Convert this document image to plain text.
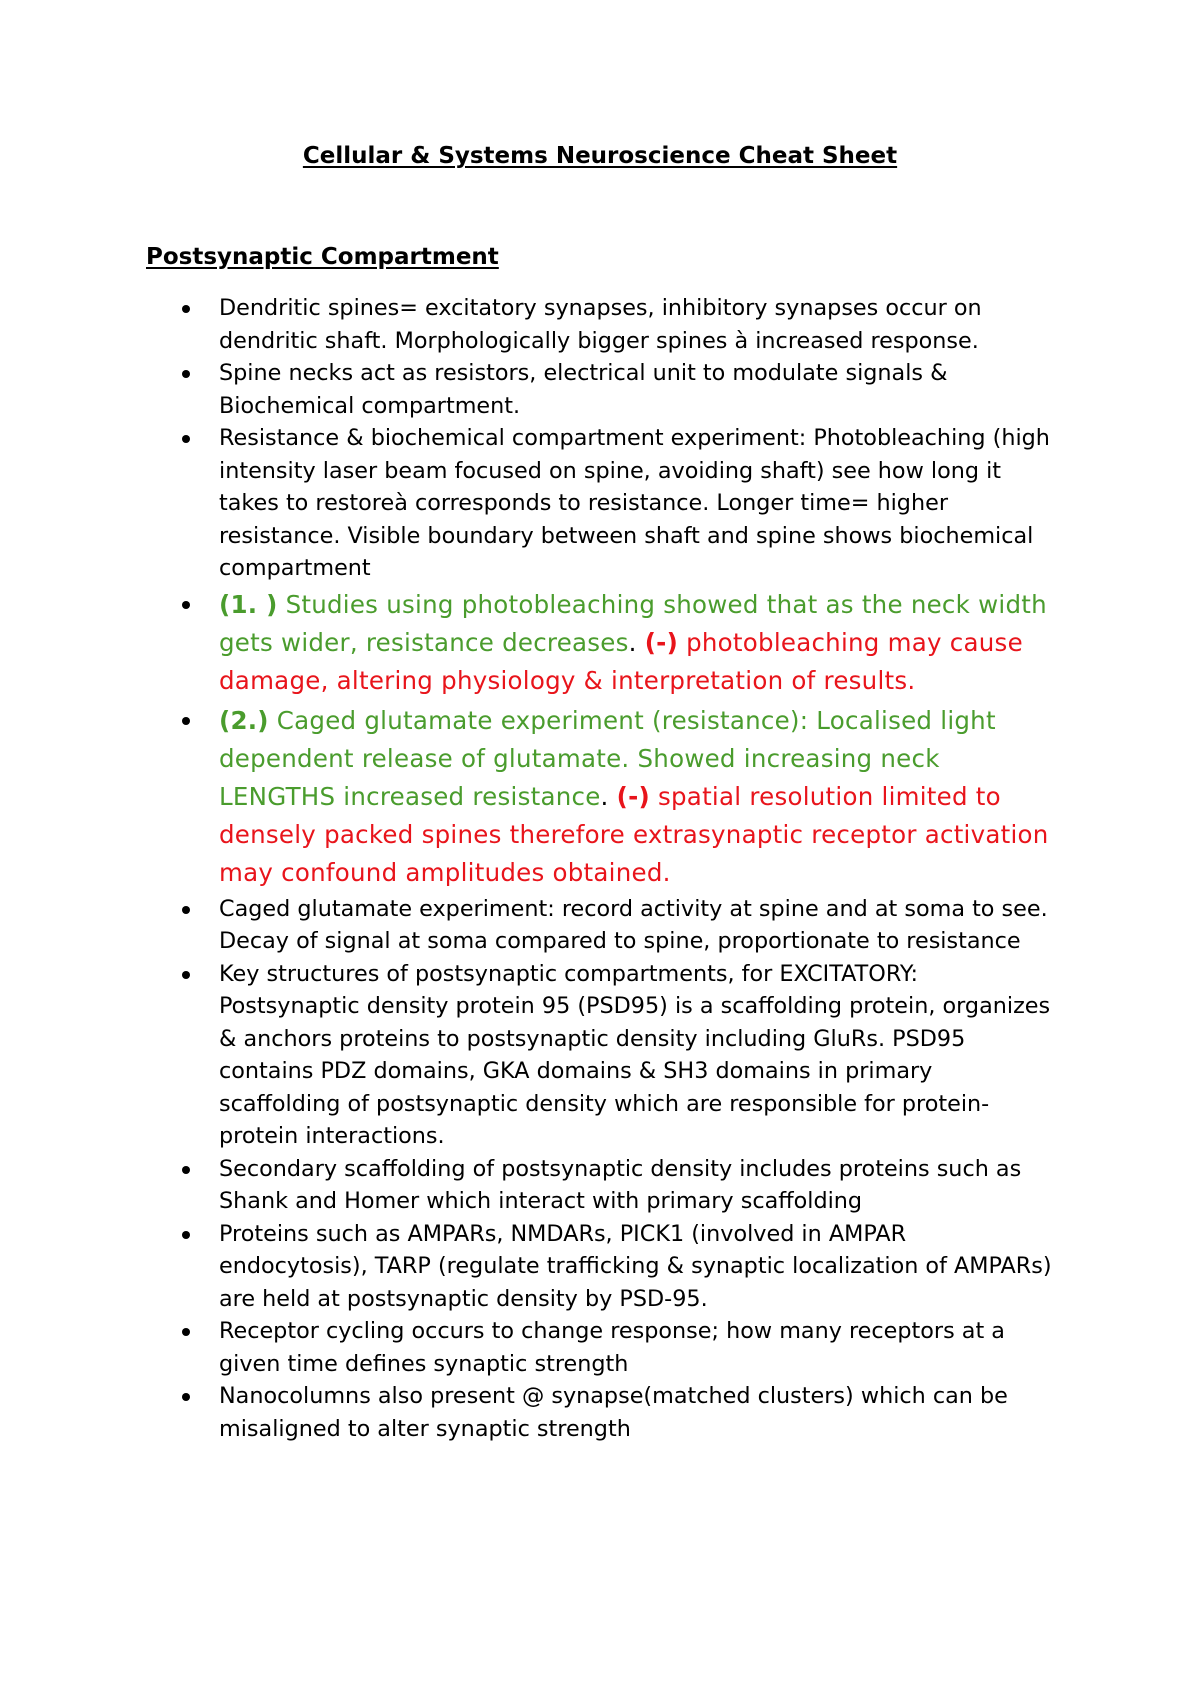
Cellular & Systems Neuroscience Cheat Sheet
Postsynaptic Compartment
Dendritic spines= excitatory synapses, inhibitory synapses occur on dendritic shaft. Morphologically bigger spines à increased response.
Spine necks act as resistors, electrical unit to modulate signals & Biochemical compartment.
Resistance & biochemical compartment experiment: Photobleaching (high intensity laser beam focused on spine, avoiding shaft) see how long it takes to restoreà corresponds to resistance. Longer time= higher resistance. Visible boundary between shaft and spine shows biochemical compartment
(1. ) Studies using photobleaching showed that as the neck width gets wider, resistance decreases. (-) photobleaching may cause damage, altering physiology & interpretation of results.
(2.) Caged glutamate experiment (resistance): Localised light dependent release of glutamate. Showed increasing neck LENGTHS increased resistance. (-) spatial resolution limited to densely packed spines therefore extrasynaptic receptor activation may confound amplitudes obtained.
Caged glutamate experiment: record activity at spine and at soma to see. Decay of signal at soma compared to spine, proportionate to resistance
Key structures of postsynaptic compartments, for EXCITATORY: Postsynaptic density protein 95 (PSD95) is a scaffolding protein, organizes & anchors proteins to postsynaptic density including GluRs. PSD95 contains PDZ domains, GKA domains & SH3 domains in primary scaffolding of postsynaptic density which are responsible for protein-protein interactions.
Secondary scaffolding of postsynaptic density includes proteins such as Shank and Homer which interact with primary scaffolding
Proteins such as AMPARs, NMDARs, PICK1 (involved in AMPAR endocytosis), TARP (regulate trafficking & synaptic localization of AMPARs) are held at postsynaptic density by PSD-95.
Receptor cycling occurs to change response; how many receptors at a given time defines synaptic strength
Nanocolumns also present @ synapse(matched clusters) which can be misaligned to alter synaptic strength
